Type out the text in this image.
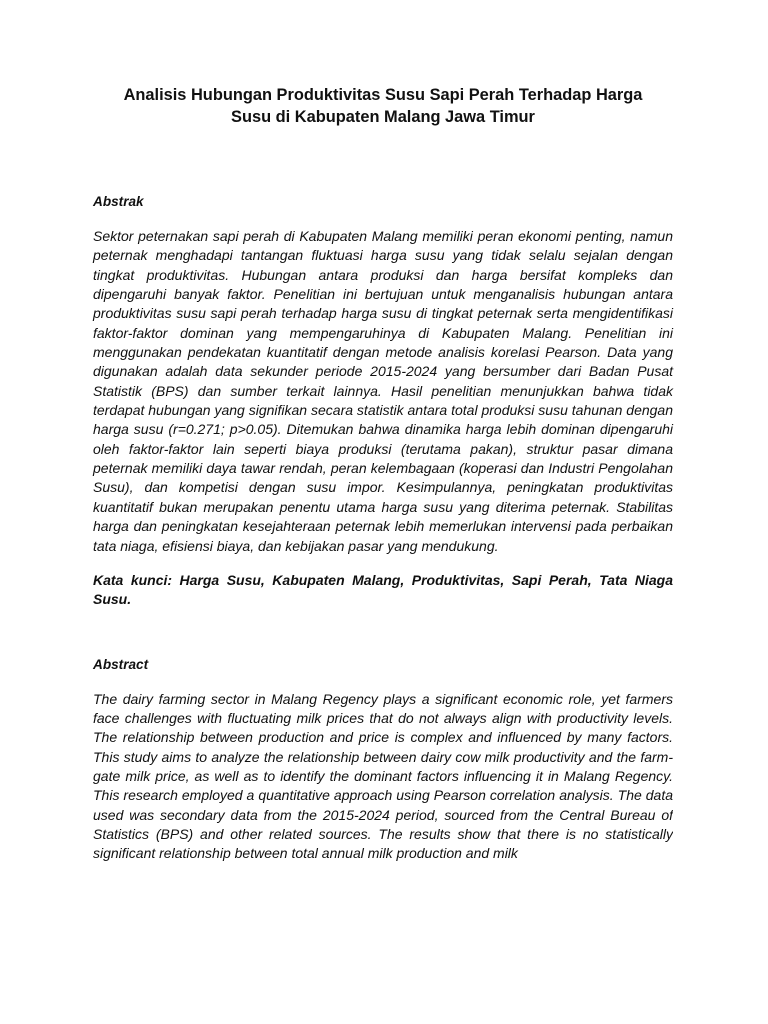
Analisis Hubungan Produktivitas Susu Sapi Perah Terhadap Harga
Susu di Kabupaten Malang Jawa Timur
Abstrak

Sektor peternakan sapi perah di Kabupaten Malang memiliki peran ekonomi penting, namun peternak menghadapi tantangan fluktuasi harga susu yang tidak selalu sejalan dengan tingkat produktivitas. Hubungan antara produksi dan harga bersifat kompleks dan dipengaruhi banyak faktor. Penelitian ini bertujuan untuk menganalisis hubungan antara produktivitas susu sapi perah terhadap harga susu di tingkat peternak serta mengidentifikasi faktor-faktor dominan yang mempengaruhinya di Kabupaten Malang. Penelitian ini menggunakan pendekatan kuantitatif dengan metode analisis korelasi Pearson. Data yang digunakan adalah data sekunder periode 2015-2024 yang bersumber dari Badan Pusat Statistik (BPS) dan sumber terkait lainnya. Hasil penelitian menunjukkan bahwa tidak terdapat hubungan yang signifikan secara statistik antara total produksi susu tahunan dengan harga susu (r=0.271; p>0.05). Ditemukan bahwa dinamika harga lebih dominan dipengaruhi oleh faktor-faktor lain seperti biaya produksi (terutama pakan), struktur pasar dimana peternak memiliki daya tawar rendah, peran kelembagaan (koperasi dan Industri Pengolahan Susu), dan kompetisi dengan susu impor. Kesimpulannya, peningkatan produktivitas kuantitatif bukan merupakan penentu utama harga susu yang diterima peternak. Stabilitas harga dan peningkatan kesejahteraan peternak lebih memerlukan intervensi pada perbaikan tata niaga, efisiensi biaya, dan kebijakan pasar yang mendukung.

Kata kunci: Harga Susu, Kabupaten Malang, Produktivitas, Sapi Perah, Tata Niaga Susu.

Abstract

The dairy farming sector in Malang Regency plays a significant economic role, yet farmers face challenges with fluctuating milk prices that do not always align with productivity levels. The relationship between production and price is complex and influenced by many factors. This study aims to analyze the relationship between dairy cow milk productivity and the farm-gate milk price, as well as to identify the dominant factors influencing it in Malang Regency. This research employed a quantitative approach using Pearson correlation analysis. The data used was secondary data from the 2015-2024 period, sourced from the Central Bureau of Statistics (BPS) and other related sources. The results show that there is no statistically significant relationship between total annual milk production and milk
